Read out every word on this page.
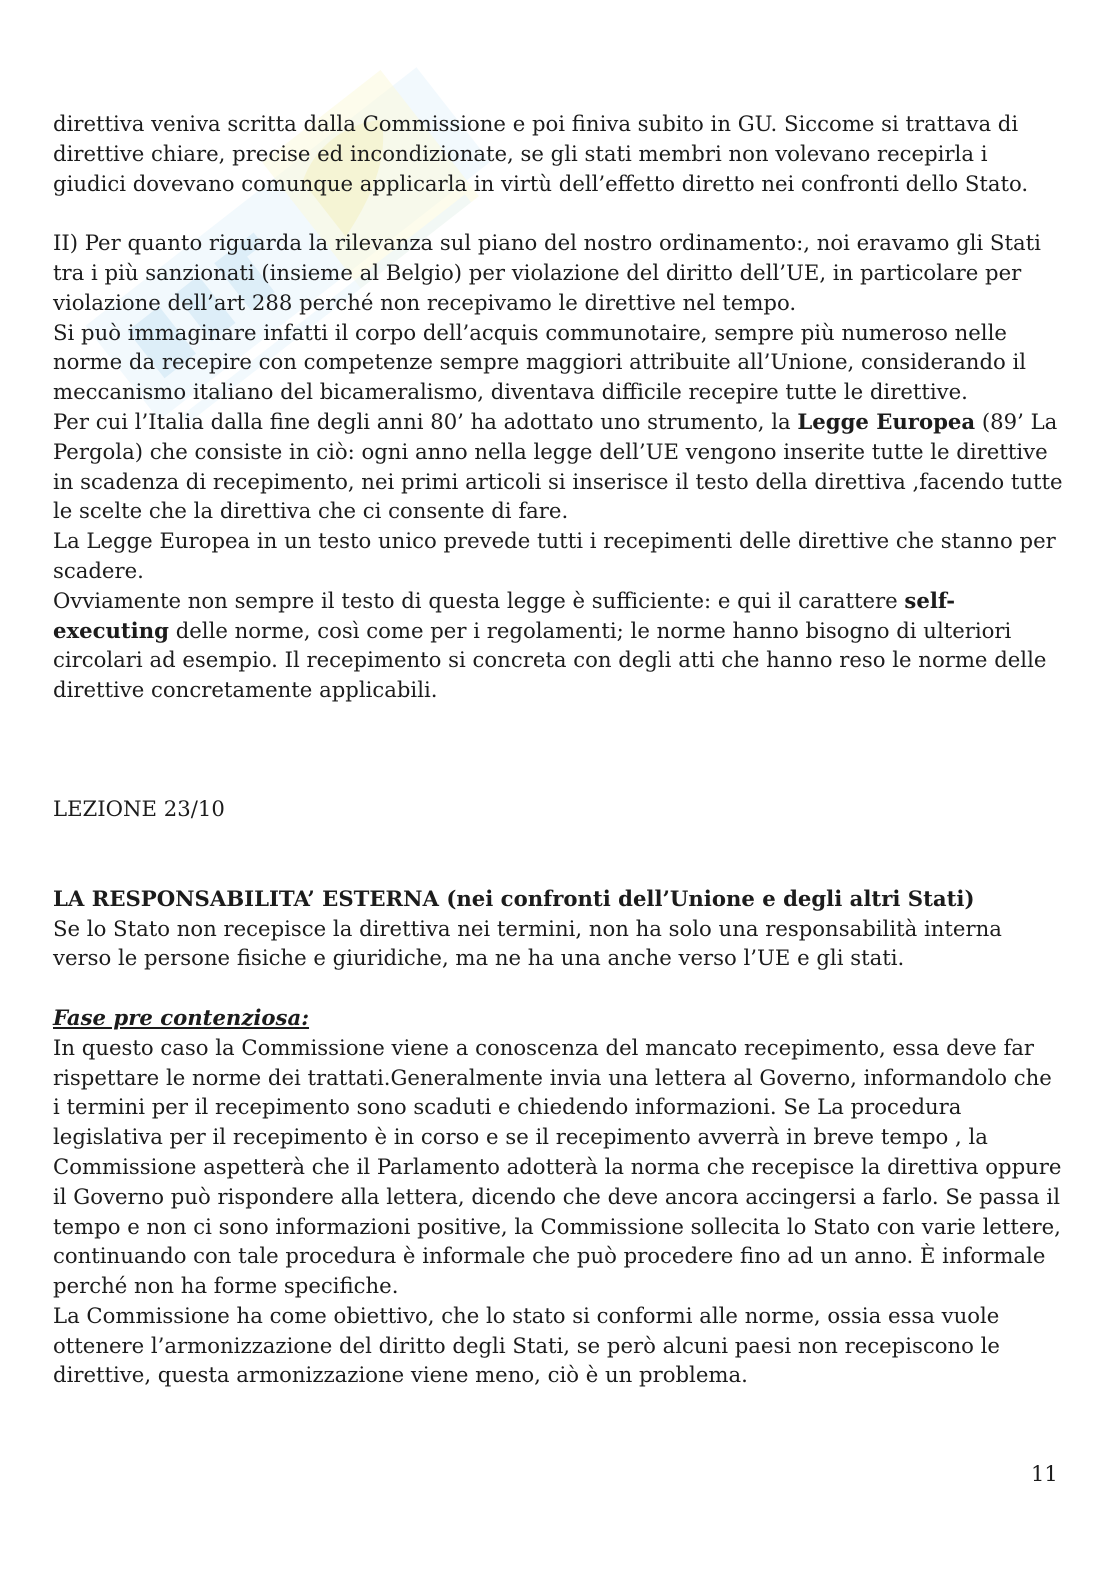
direttiva veniva scritta dalla Commissione e poi finiva subito in GU. Siccome si trattava di direttive chiare, precise ed incondizionate, se gli stati membri non volevano recepirla i giudici dovevano comunque applicarla in virtù dell’effetto diretto nei confronti dello Stato.

II) Per quanto riguarda la rilevanza sul piano del nostro ordinamento:, noi eravamo gli Stati tra i più sanzionati (insieme al Belgio) per violazione del diritto dell’UE, in particolare per violazione dell’art 288 perché non recepivamo le direttive nel tempo.

Si può immaginare infatti il corpo dell’acquis communotaire, sempre più numeroso nelle norme da recepire con competenze sempre maggiori attribuite all’Unione, considerando il meccanismo italiano del bicameralismo, diventava difficile recepire tutte le direttive.

Per cui l’Italia dalla fine degli anni 80’ ha adottato uno strumento, la Legge Europea (89’ La Pergola) che consiste in ciò: ogni anno nella legge dell’UE vengono inserite tutte le direttive in scadenza di recepimento, nei primi articoli si inserisce il testo della direttiva ,facendo tutte le scelte che la direttiva che ci consente di fare.

La Legge Europea in un testo unico prevede tutti i recepimenti delle direttive che stanno per scadere.

Ovviamente non sempre il testo di questa legge è sufficiente: e qui il carattere self-executing delle norme, così come per i regolamenti; le norme hanno bisogno di ulteriori circolari ad esempio. Il recepimento si concreta con degli atti che hanno reso le norme delle direttive concretamente applicabili.

LEZIONE 23/10

LA RESPONSABILITA’ ESTERNA (nei confronti dell’Unione e degli altri Stati)

Se lo Stato non recepisce la direttiva nei termini, non ha solo una responsabilità interna verso le persone fisiche e giuridiche, ma ne ha una anche verso l’UE e gli stati.

Fase pre contenziosa:

In questo caso la Commissione viene a conoscenza del mancato recepimento, essa deve far rispettare le norme dei trattati.Generalmente invia una lettera al Governo, informandolo che i termini per il recepimento sono scaduti e chiedendo informazioni. Se La procedura legislativa per il recepimento è in corso e se il recepimento avverrà in breve tempo , la Commissione aspetterà che il Parlamento adotterà la norma che recepisce la direttiva oppure il Governo può rispondere alla lettera, dicendo che deve ancora accingersi a farlo. Se passa il tempo e non ci sono informazioni positive, la Commissione sollecita lo Stato con varie lettere, continuando con tale procedura è informale che può procedere fino ad un anno. È informale perché non ha forme specifiche.

La Commissione ha come obiettivo, che lo stato si conformi alle norme, ossia essa vuole ottenere l’armonizzazione del diritto degli Stati, se però alcuni paesi non recepiscono le direttive, questa armonizzazione viene meno, ciò è un problema.

11
